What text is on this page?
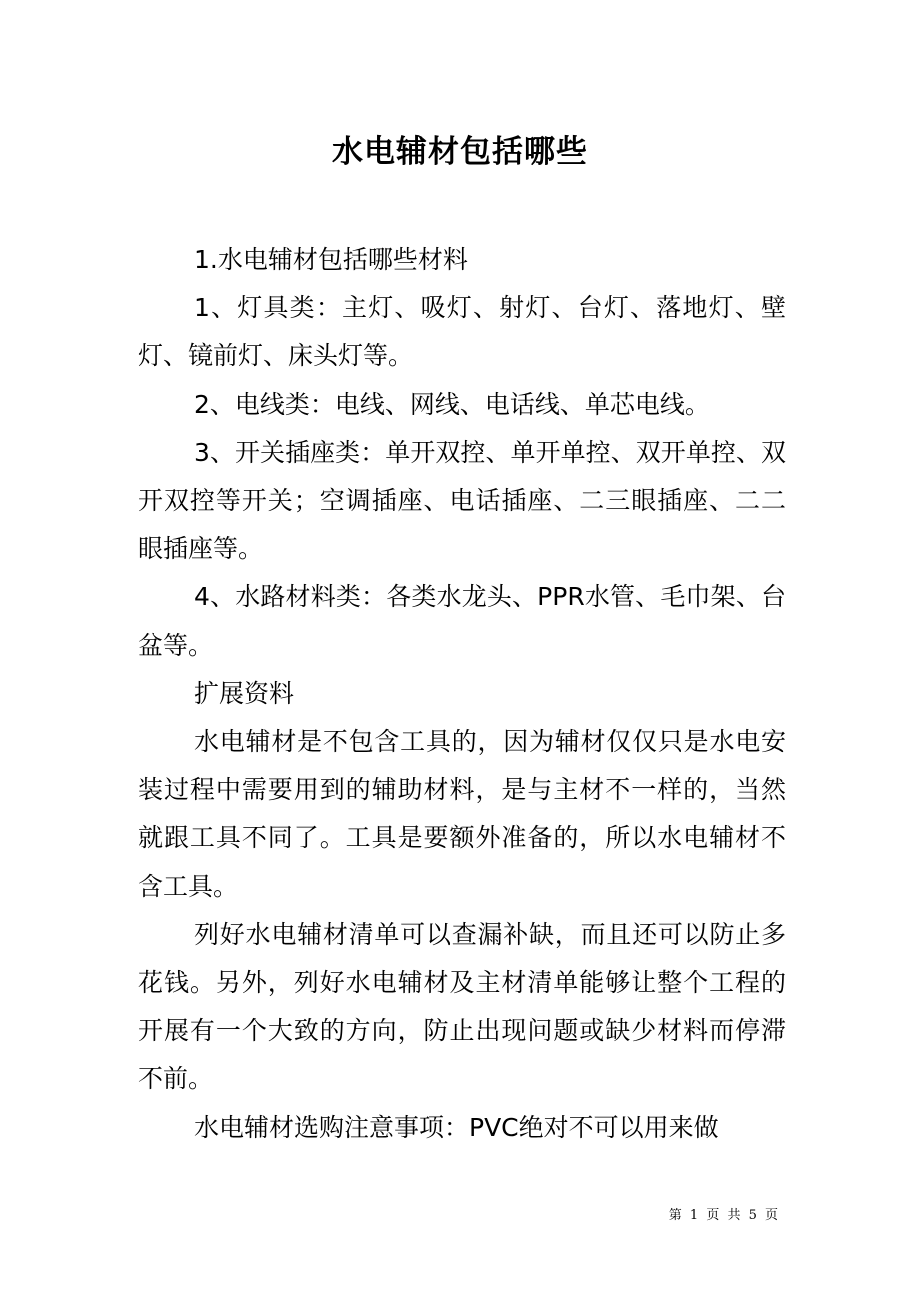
水电辅材包括哪些

1.水电辅材包括哪些材料

1、灯具类：主灯、吸灯、射灯、台灯、落地灯、壁灯、镜前灯、床头灯等。

2、电线类：电线、网线、电话线、单芯电线。

3、开关插座类：单开双控、单开单控、双开单控、双开双控等开关；空调插座、电话插座、二三眼插座、二二眼插座等。

4、水路材料类：各类水龙头、PPR水管、毛巾架、台盆等。

扩展资料

水电辅材是不包含工具的，因为辅材仅仅只是水电安装过程中需要用到的辅助材料，是与主材不一样的，当然就跟工具不同了。工具是要额外准备的，所以水电辅材不含工具。

列好水电辅材清单可以查漏补缺，而且还可以防止多花钱。另外，列好水电辅材及主材清单能够让整个工程的开展有一个大致的方向，防止出现问题或缺少材料而停滞不前。

水电辅材选购注意事项：PVC绝对不可以用来做

第 1 页 共 5 页
